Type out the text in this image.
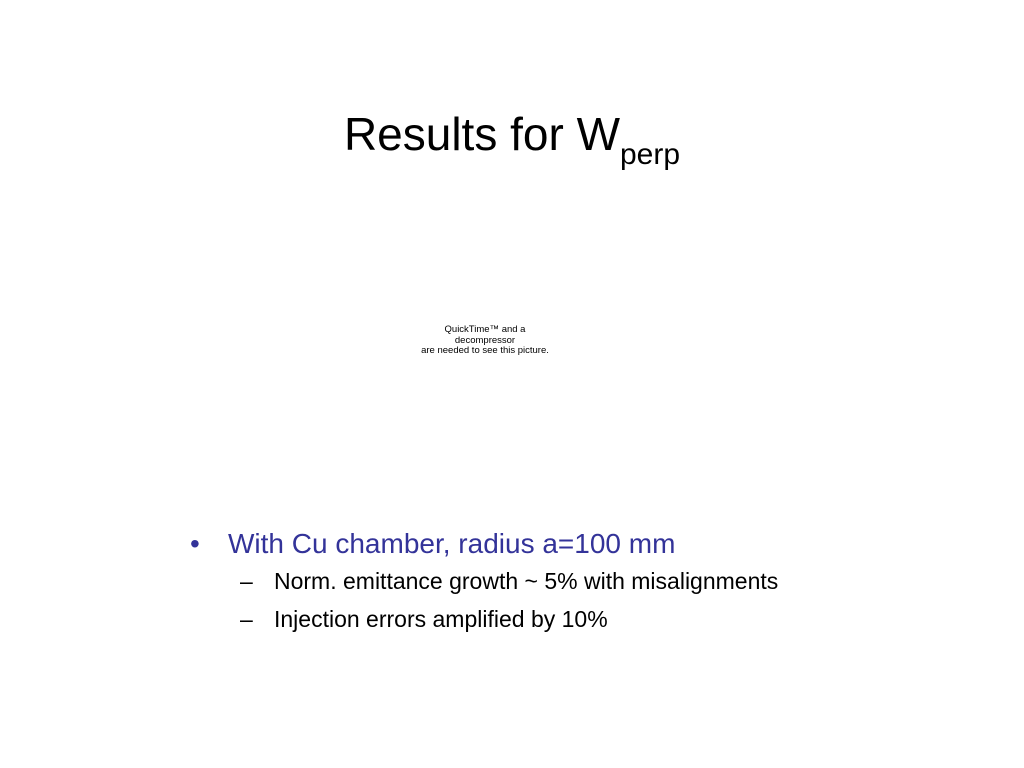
Results for $W_{perp}$
QuickTime™ and a
decompressor
are needed to see this picture.
• With Cu chamber, radius a=100 mm
– Norm. emittance growth ~ 5% with misalignments
– Injection errors amplified by 10%
